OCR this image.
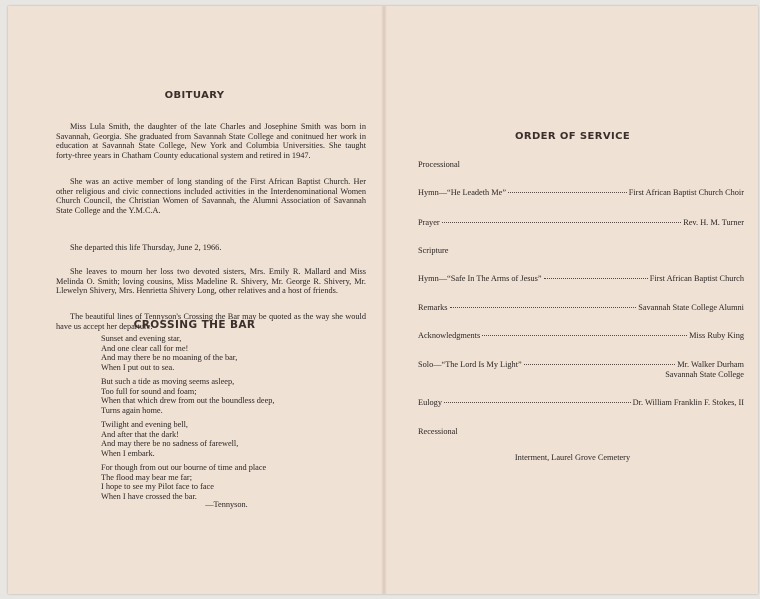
OBITUARY

Miss Lula Smith, the daughter of the late Charles and Josephine Smith was born in Savannah, Georgia. She graduated from Savannah State College and conitnued her work in education at Savannah State College, New York and Columbia Universities. She taught forty-three years in Chatham County educational system and retired in 1947.

She was an active member of long standing of the First African Baptist Church. Her other religious and civic connections included activities in the Interdenominational Women Church Council, the Christian Women of Savannah, the Alumni Association of Savannah State College and the Y.M.C.A.

She departed this life Thursday, June 2, 1966.

She leaves to mourn her loss two devoted sisters, Mrs. Emily R. Mallard and Miss Melinda O. Smith; loving cousins, Miss Madeline R. Shivery, Mr. George R. Shivery, Mr. Llewelyn Shivery, Mrs. Henrietta Shivery Long, other relatives and a host of friends.

The beautiful lines of Tennyson's Crossing the Bar may be quoted as the way she would have us accept her departure.

CROSSING THE BAR
Sunset and evening star,
And one clear call for me!
And may there be no moaning of the bar,
When I put out to sea.
But such a tide as moving seems asleep,
Too full for sound and foam;
When that which drew from out the boundless deep,
Turns again home.
Twilight and evening bell,
And after that the dark!
And may there be no sadness of farewell,
When I embark.
For though from out our bourne of time and place
The flood may bear me far;
I hope to see my Pilot face to face
When I have crossed the bar.
—Tennyson.
ORDER OF SERVICE
Processional
Hymn—“He Leadeth Me”	First African Baptist Church Choir
Prayer	Rev. H. M. Turner
Scripture
Hymn—“Safe In The Arms of Jesus”	First African Baptist Church
Remarks	Savannah State College Alumni
Acknowledgments	Miss Ruby King
Solo—“The Lord Is My Light”	Mr. Walker Durham
Savannah State College
Eulogy	Dr. William Franklin F. Stokes, II
Recessional
Interment, Laurel Grove Cemetery
